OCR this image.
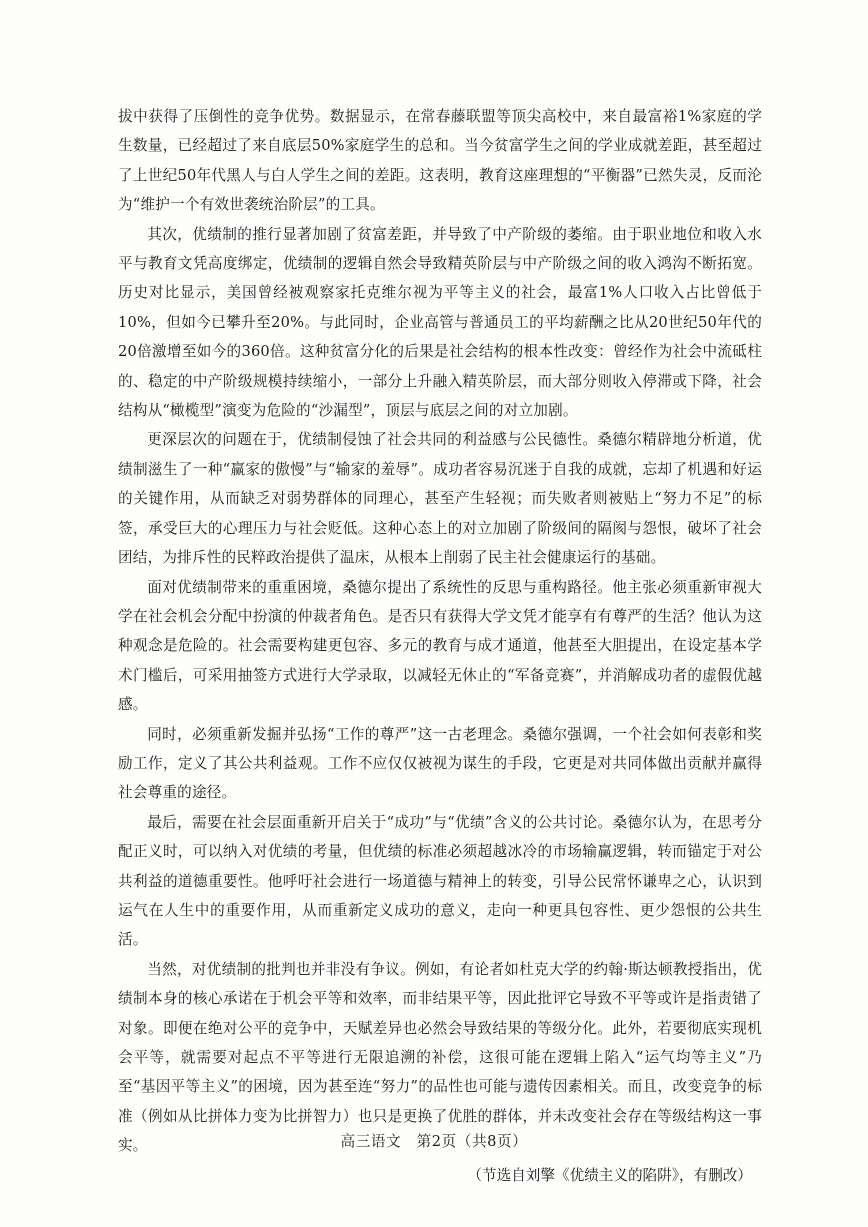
拔中获得了压倒性的竞争优势。数据显示，在常春藤联盟等顶尖高校中，来自最富裕1%家庭的学生数量，已经超过了来自底层50%家庭学生的总和。当今贫富学生之间的学业成就差距，甚至超过了上世纪50年代黑人与白人学生之间的差距。这表明，教育这座理想的“平衡器”已然失灵，反而沦为“维护一个有效世袭统治阶层”的工具。

其次，优绩制的推行显著加剧了贫富差距，并导致了中产阶级的萎缩。由于职业地位和收入水平与教育文凭高度绑定，优绩制的逻辑自然会导致精英阶层与中产阶级之间的收入鸿沟不断拓宽。历史对比显示，美国曾经被观察家托克维尔视为平等主义的社会，最富1%人口收入占比曾低于10%，但如今已攀升至20%。与此同时，企业高管与普通员工的平均薪酬之比从20世纪50年代的20倍激增至如今的360倍。这种贫富分化的后果是社会结构的根本性改变：曾经作为社会中流砥柱的、稳定的中产阶级规模持续缩小，一部分上升融入精英阶层，而大部分则收入停滞或下降，社会结构从“橄榄型”演变为危险的“沙漏型”，顶层与底层之间的对立加剧。

更深层次的问题在于，优绩制侵蚀了社会共同的利益感与公民德性。桑德尔精辟地分析道，优绩制滋生了一种“赢家的傲慢”与“输家的羞辱”。成功者容易沉迷于自我的成就，忘却了机遇和好运的关键作用，从而缺乏对弱势群体的同理心，甚至产生轻视；而失败者则被贴上“努力不足”的标签，承受巨大的心理压力与社会贬低。这种心态上的对立加剧了阶级间的隔阂与怨恨，破坏了社会团结，为排斥性的民粹政治提供了温床，从根本上削弱了民主社会健康运行的基础。

面对优绩制带来的重重困境，桑德尔提出了系统性的反思与重构路径。他主张必须重新审视大学在社会机会分配中扮演的仲裁者角色。是否只有获得大学文凭才能享有有尊严的生活？他认为这种观念是危险的。社会需要构建更包容、多元的教育与成才通道，他甚至大胆提出，在设定基本学术门槛后，可采用抽签方式进行大学录取，以减轻无休止的“军备竞赛”，并消解成功者的虚假优越感。

同时，必须重新发掘并弘扬“工作的尊严”这一古老理念。桑德尔强调，一个社会如何表彰和奖励工作，定义了其公共利益观。工作不应仅仅被视为谋生的手段，它更是对共同体做出贡献并赢得社会尊重的途径。

最后，需要在社会层面重新开启关于“成功”与“优绩”含义的公共讨论。桑德尔认为，在思考分配正义时，可以纳入对优绩的考量，但优绩的标准必须超越冰冷的市场输赢逻辑，转而锚定于对公共利益的道德重要性。他呼吁社会进行一场道德与精神上的转变，引导公民常怀谦卑之心，认识到运气在人生中的重要作用，从而重新定义成功的意义，走向一种更具包容性、更少怨恨的公共生活。

当然，对优绩制的批判也并非没有争议。例如，有论者如杜克大学的约翰·斯达顿教授指出，优绩制本身的核心承诺在于机会平等和效率，而非结果平等，因此批评它导致不平等或许是指责错了对象。即便在绝对公平的竞争中，天赋差异也必然会导致结果的等级分化。此外，若要彻底实现机会平等，就需要对起点不平等进行无限追溯的补偿，这很可能在逻辑上陷入“运气均等主义”乃至“基因平等主义”的困境，因为甚至连“努力”的品性也可能与遗传因素相关。而且，改变竞争的标准（例如从比拼体力变为比拼智力）也只是更换了优胜的群体，并未改变社会存在等级结构这一事实。

（节选自刘擎《优绩主义的陷阱》，有删改）

高三语文　第2页（共8页）
